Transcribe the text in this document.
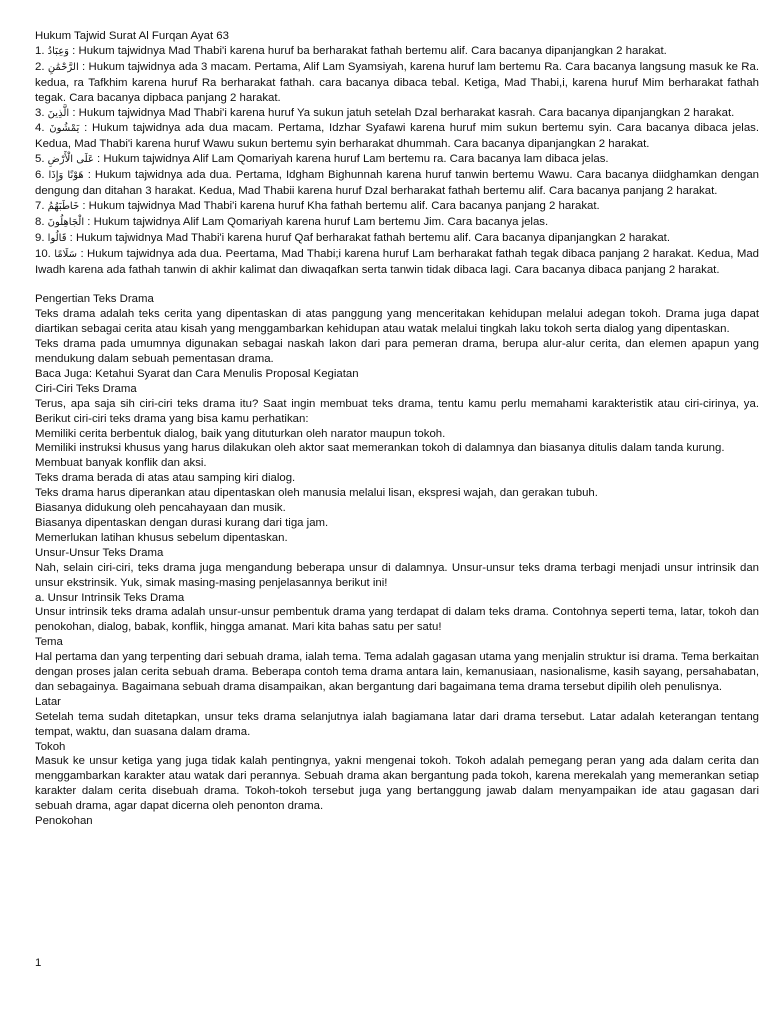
Hukum Tajwid Surat Al Furqan Ayat 63

1. وَعِبَادُ : Hukum tajwidnya Mad Thabi'i karena huruf ba berharakat fathah bertemu alif. Cara bacanya dipanjangkan 2 harakat.

2. الرَّحْمَٰنِ : Hukum tajwidnya ada 3 macam. Pertama, Alif Lam Syamsiyah, karena huruf lam bertemu Ra. Cara bacanya langsung masuk ke Ra. kedua, ra Tafkhim karena huruf Ra berharakat fathah. cara bacanya dibaca tebal. Ketiga, Mad Thabi,i, karena huruf Mim berharakat fathah tegak. Cara bacanya dipbaca panjang 2 harakat.

3. الَّذِينَ : Hukum tajwidnya Mad Thabi'i karena huruf Ya sukun jatuh setelah Dzal berharakat kasrah. Cara bacanya dipanjangkan 2 harakat.

4. يَمْشُونَ : Hukum tajwidnya ada dua macam. Pertama, Idzhar Syafawi karena huruf mim sukun bertemu syin. Cara bacanya dibaca jelas. Kedua, Mad Thabi'i karena huruf Wawu sukun bertemu syin berharakat dhummah. Cara bacanya dipanjangkan 2 harakat.

5. عَلَى الْأَرْضِ : Hukum tajwidnya Alif Lam Qomariyah karena huruf Lam bertemu ra. Cara bacanya lam dibaca jelas.

6. هَوْنًا وَإِذَا : Hukum tajwidnya ada dua. Pertama, Idgham Bighunnah karena huruf tanwin bertemu Wawu. Cara bacanya diidghamkan dengan dengung dan ditahan 3 harakat. Kedua, Mad Thabii karena huruf Dzal berharakat fathah bertemu alif. Cara bacanya panjang 2 harakat.

7. خَاطَبَهُمُ : Hukum tajwidnya Mad Thabi'i karena huruf Kha fathah bertemu alif. Cara bacanya panjang 2 harakat.

8. الْجَاهِلُونَ : Hukum tajwidnya Alif Lam Qomariyah karena huruf Lam bertemu Jim. Cara bacanya jelas.

9. قَالُوا : Hukum tajwidnya Mad Thabi'i karena huruf Qaf berharakat fathah bertemu alif. Cara bacanya dipanjangkan 2 harakat.

10. سَلَامًا : Hukum tajwidnya ada dua. Peertama, Mad Thabi;i karena huruf Lam berharakat fathah tegak dibaca panjang 2 harakat. Kedua, Mad Iwadh karena ada fathah tanwin di akhir kalimat dan diwaqafkan serta tanwin tidak dibaca lagi. Cara bacanya dibaca panjang 2 harakat.

Pengertian Teks Drama

Teks drama adalah teks cerita yang dipentaskan di atas panggung yang menceritakan kehidupan melalui adegan tokoh. Drama juga dapat diartikan sebagai cerita atau kisah yang menggambarkan kehidupan atau watak melalui tingkah laku tokoh serta dialog yang dipentaskan.

Teks drama pada umumnya digunakan sebagai naskah lakon dari para pemeran drama, berupa alur-alur cerita, dan elemen apapun yang mendukung dalam sebuah pementasan drama.

Baca Juga: Ketahui Syarat dan Cara Menulis Proposal Kegiatan

Ciri-Ciri Teks Drama

Terus, apa saja sih ciri-ciri teks drama itu? Saat ingin membuat teks drama, tentu kamu perlu memahami karakteristik atau ciri-cirinya, ya. Berikut ciri-ciri teks drama yang bisa kamu perhatikan:

Memiliki cerita berbentuk dialog, baik yang dituturkan oleh narator maupun tokoh.

Memiliki instruksi khusus yang harus dilakukan oleh aktor saat memerankan tokoh di dalamnya dan biasanya ditulis dalam tanda kurung.

Membuat banyak konflik dan aksi.

Teks drama berada di atas atau samping kiri dialog.

Teks drama harus diperankan atau dipentaskan oleh manusia melalui lisan, ekspresi wajah, dan gerakan tubuh.

Biasanya didukung oleh pencahayaan dan musik.

Biasanya dipentaskan dengan durasi kurang dari tiga jam.

Memerlukan latihan khusus sebelum dipentaskan.

Unsur-Unsur Teks Drama

Nah, selain ciri-ciri, teks drama juga mengandung beberapa unsur di dalamnya. Unsur-unsur teks drama terbagi menjadi unsur intrinsik dan unsur ekstrinsik. Yuk, simak masing-masing penjelasannya berikut ini!

a. Unsur Intrinsik Teks Drama

Unsur intrinsik teks drama adalah unsur-unsur pembentuk drama yang terdapat di dalam teks drama. Contohnya seperti tema, latar, tokoh dan penokohan, dialog, babak, konflik, hingga amanat. Mari kita bahas satu per satu!

Tema

Hal pertama dan yang terpenting dari sebuah drama, ialah tema. Tema adalah gagasan utama yang menjalin struktur isi drama. Tema berkaitan dengan proses jalan cerita sebuah drama. Beberapa contoh tema drama antara lain, kemanusiaan, nasionalisme, kasih sayang, persahabatan, dan sebagainya. Bagaimana sebuah drama disampaikan, akan bergantung dari bagaimana tema drama tersebut dipilih oleh penulisnya.

Latar

Setelah tema sudah ditetapkan, unsur teks drama selanjutnya ialah bagiamana latar dari drama tersebut. Latar adalah keterangan tentang tempat, waktu, dan suasana dalam drama.

Tokoh

Masuk ke unsur ketiga yang juga tidak kalah pentingnya, yakni mengenai tokoh. Tokoh adalah pemegang peran yang ada dalam cerita dan menggambarkan karakter atau watak dari perannya. Sebuah drama akan bergantung pada tokoh, karena merekalah yang memerankan setiap karakter dalam cerita disebuah drama. Tokoh-tokoh tersebut juga yang bertanggung jawab dalam menyampaikan ide atau gagasan dari sebuah drama, agar dapat dicerna oleh penonton drama.

Penokohan

1
